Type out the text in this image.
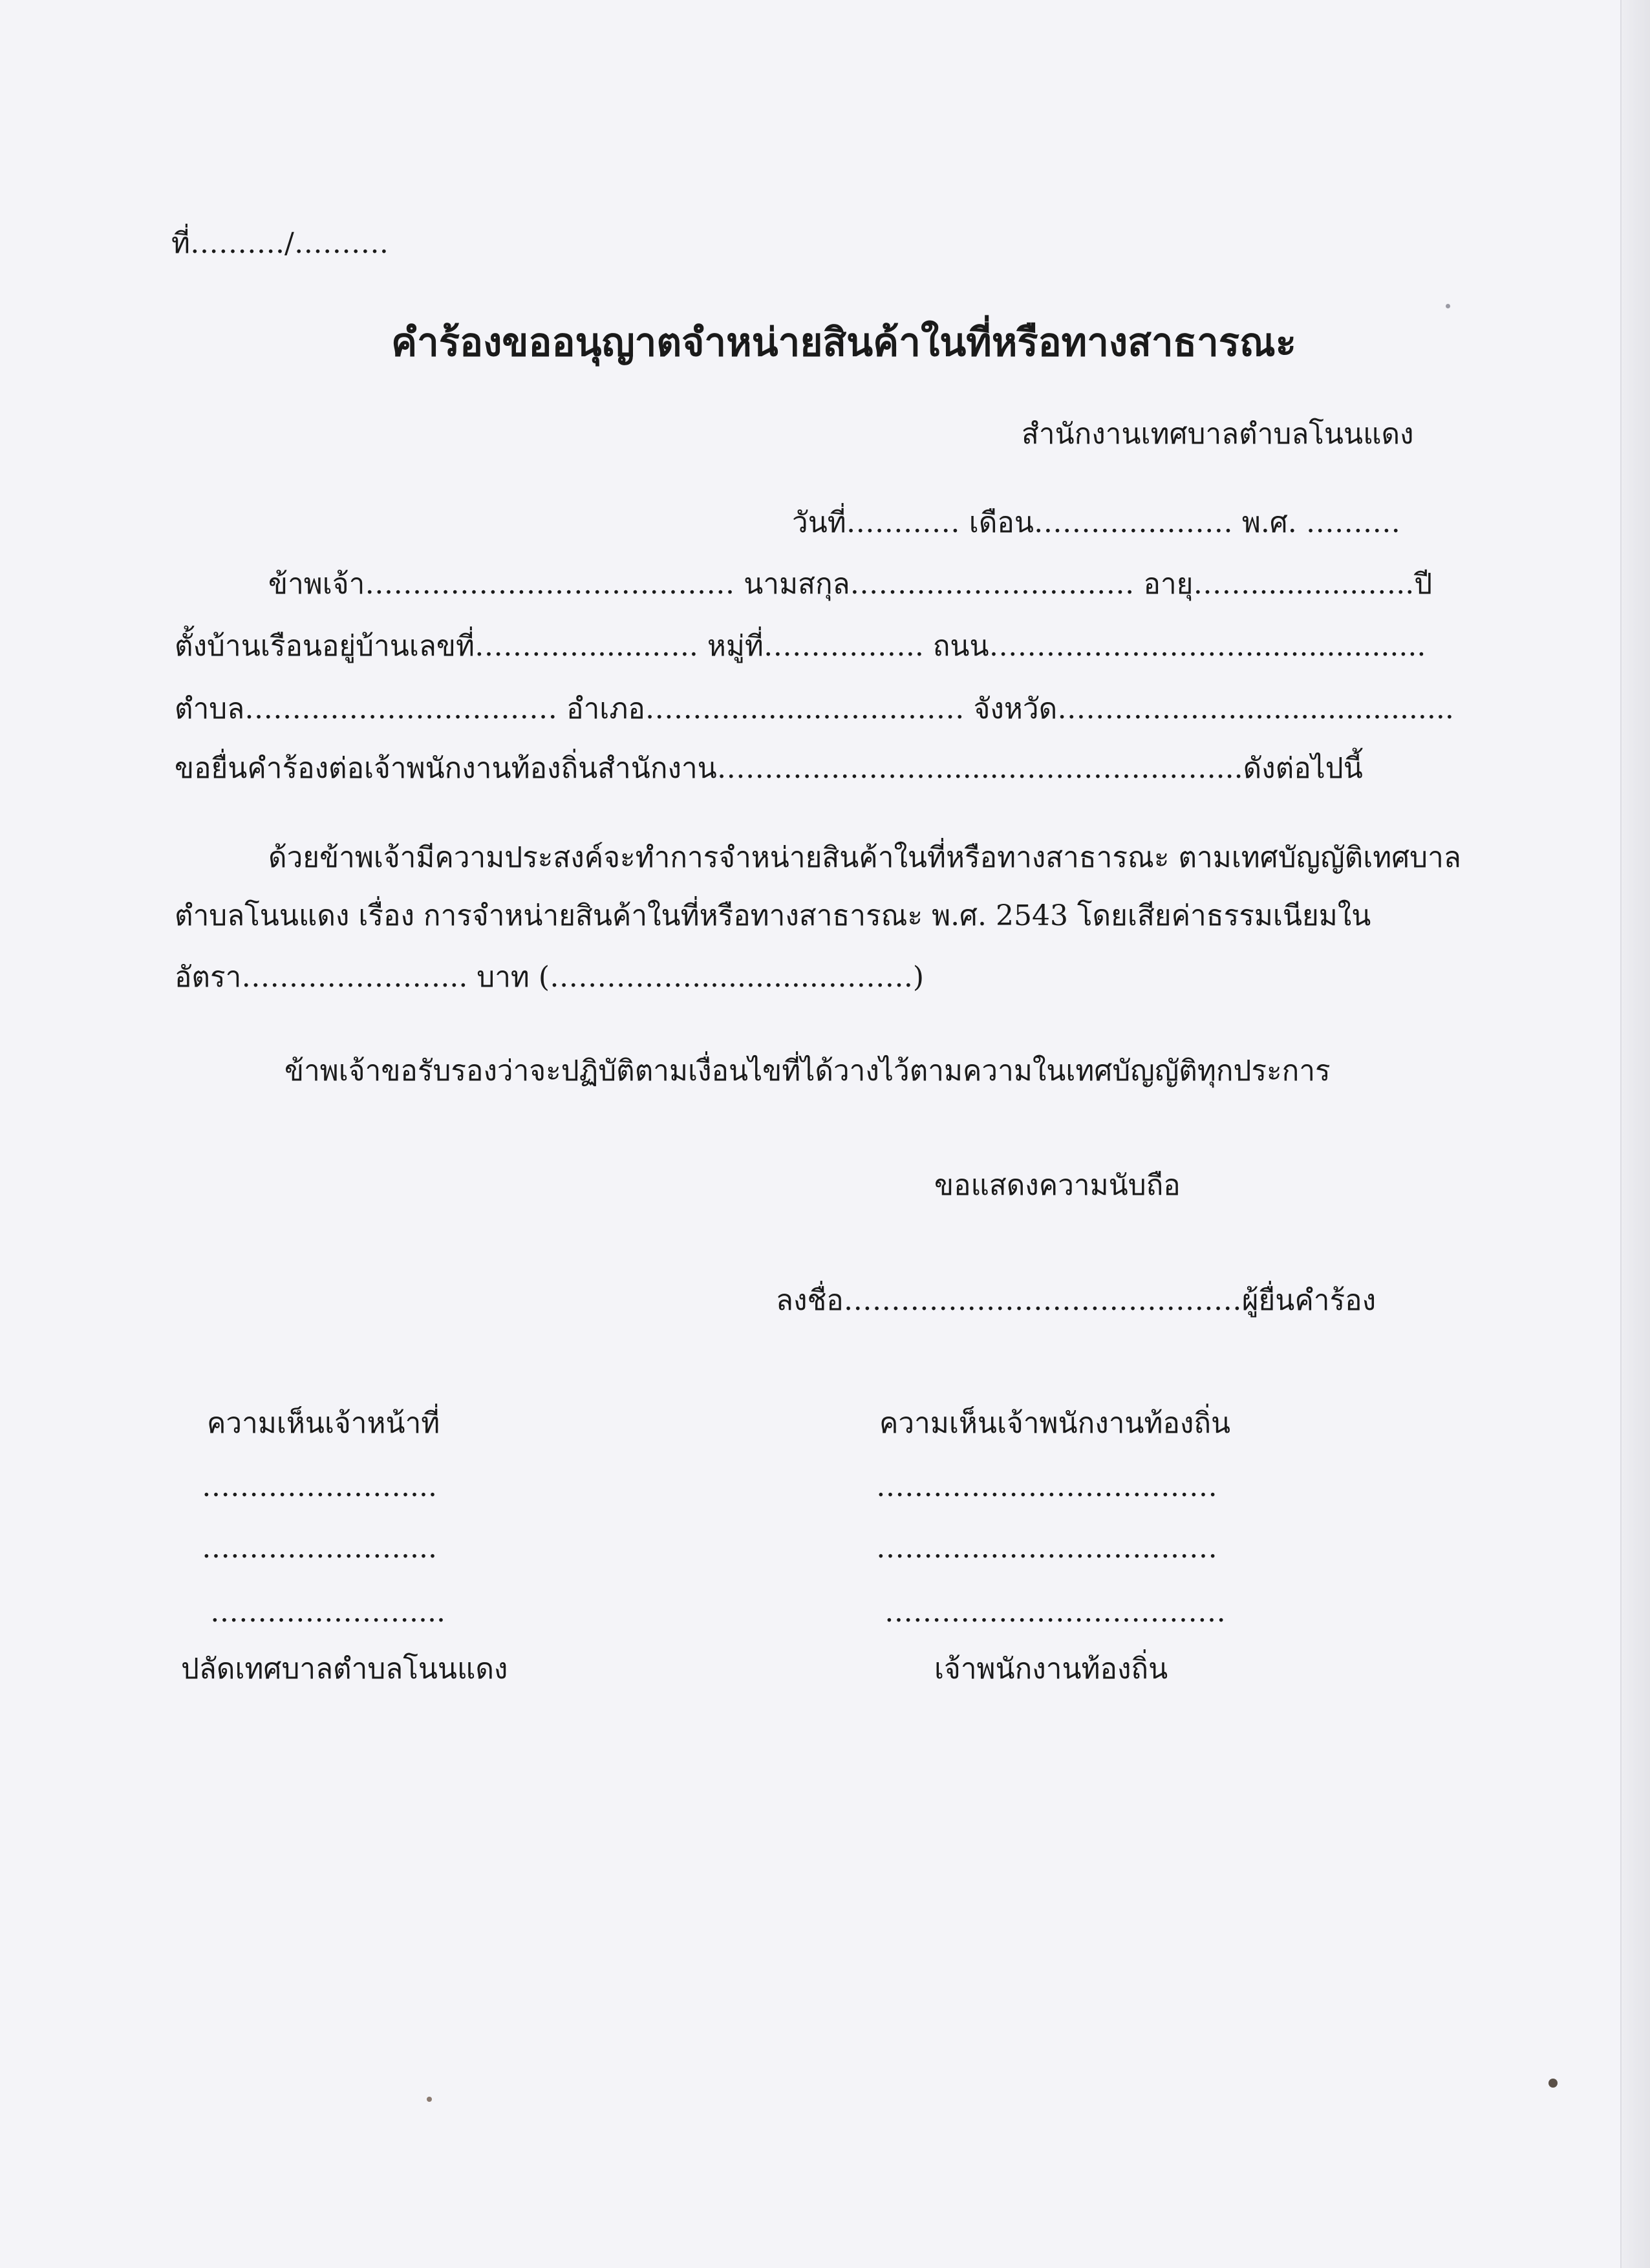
ที่………./……….
คำร้องขออนุญาตจำหน่ายสินค้าในที่หรือทางสาธารณะ
สำนักงานเทศบาลตำบลโนนแดง
วันที่………… เดือน………………… พ.ศ. ……….
ข้าพเจ้า………………………………… นามสกุล………………………… อายุ…….............…..ปี
ตั้งบ้านเรือนอยู่บ้านเลขที่………….......….. หมู่ที่…………….. ถนน………………………....................
ตำบล…………………………… อำเภอ………….......…………… จังหวัด……………….........................
ขอยื่นคำร้องต่อเจ้าพนักงานท้องถิ่นสำนักงาน…………………….......…………………....ดังต่อไปนี้
ด้วยข้าพเจ้ามีความประสงค์จะทำการจำหน่ายสินค้าในที่หรือทางสาธารณะ ตามเทศบัญญัติเทศบาล
ตำบลโนนแดง เรื่อง การจำหน่ายสินค้าในที่หรือทางสาธารณะ พ.ศ. 2543 โดยเสียค่าธรรมเนียมใน
อัตรา…………………... บาท (……………..............……….)
ข้าพเจ้าขอรับรองว่าจะปฏิบัติตามเงื่อนไขที่ได้วางไว้ตามความในเทศบัญญัติทุกประการ
ขอแสดงความนับถือ
ลงชื่อ……………………………………ผู้ยื่นคำร้อง
ความเห็นเจ้าหน้าที่
…………………....
…………………....
…………………....
ปลัดเทศบาลตำบลโนนแดง
ความเห็นเจ้าพนักงานท้องถิ่น
………………………………
………………………………
………………………………
เจ้าพนักงานท้องถิ่น
